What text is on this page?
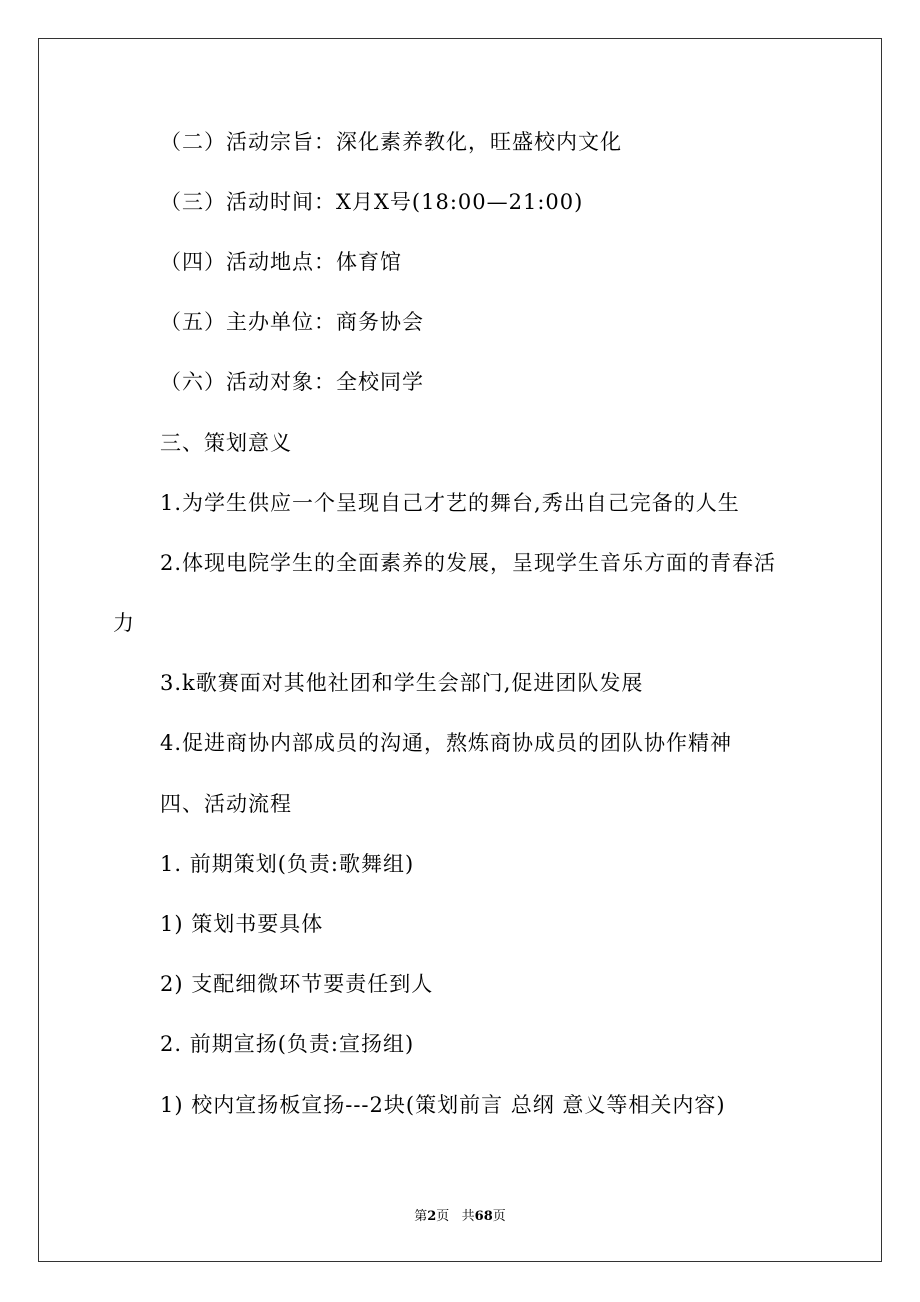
（二）活动宗旨：深化素养教化，旺盛校内文化
（三）活动时间：X月X号(18:00—21:00)
（四）活动地点：体育馆
（五）主办单位：商务协会
（六）活动对象：全校同学
三、策划意义
1.为学生供应一个呈现自己才艺的舞台,秀出自己完备的人生
2.体现电院学生的全面素养的发展，呈现学生音乐方面的青春活
力
3.k歌赛面对其他社团和学生会部门,促进团队发展
4.促进商协内部成员的沟通，熬炼商协成员的团队协作精神
四、活动流程
1. 前期策划(负责:歌舞组)
1) 策划书要具体
2) 支配细微环节要责任到人
2. 前期宣扬(负责:宣扬组)
1) 校内宣扬板宣扬---2块(策划前言 总纲 意义等相关内容)
第2页   共68页
